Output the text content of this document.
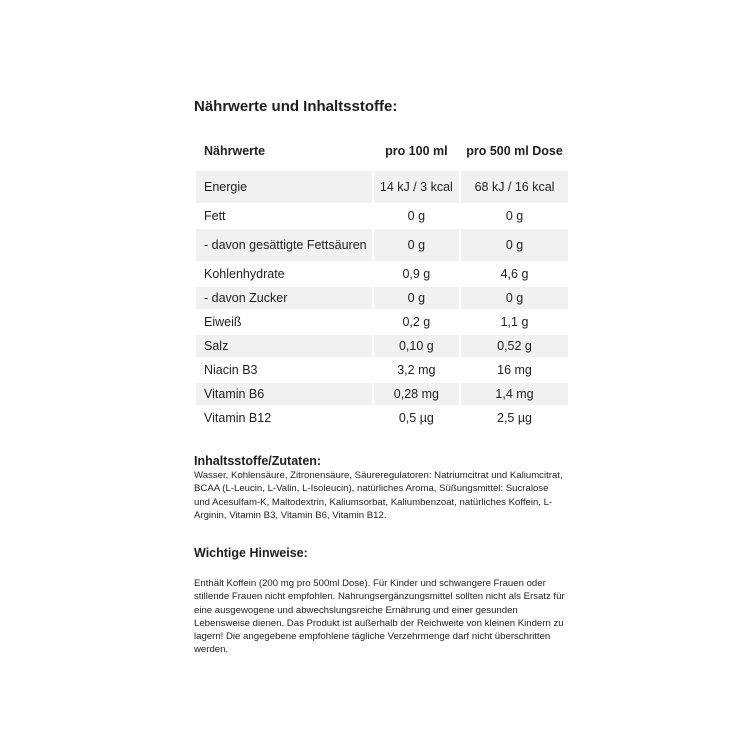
Nährwerte und Inhaltsstoffe:
Nährwerte	pro 100 ml	pro 500 ml Dose
Energie	14 kJ / 3 kcal	68 kJ / 16 kcal
Fett	0 g	0 g
- davon gesättigte Fettsäuren	0 g	0 g
Kohlenhydrate	0,9 g	4,6 g
- davon Zucker	0 g	0 g
Eiweiß	0,2 g	1,1 g
Salz	0,10 g	0,52 g
Niacin B3	3,2 mg	16 mg
Vitamin B6	0,28 mg	1,4 mg
Vitamin B12	0,5 µg	2,5 µg

Inhaltsstoffe/Zutaten:

Wasser, Kohlensäure, Zitronensäure, Säureregulatoren: Natriumcitrat und Kaliumcitrat, BCAA (L-Leucin, L-Valin, L-Isoleucin), natürliches Aroma, Süßungsmittel: Sucralose und Acesulfam-K, Maltodextrin, Kaliumsorbat, Kaliumbenzoat, natürliches Koffein, L-Arginin, Vitamin B3, Vitamin B6, Vitamin B12.

Wichtige Hinweise:

Enthält Koffein (200 mg pro 500ml Dose). Für Kinder und schwangere Frauen oder stillende Frauen nicht empfohlen. Nahrungsergänzungsmittel sollten nicht als Ersatz für eine ausgewogene und abwechslungsreiche Ernährung und einer gesunden Lebensweise dienen. Das Produkt ist außerhalb der Reichweite von kleinen Kindern zu lagern! Die angegebene empfohlene tägliche Verzehrmenge darf nicht überschritten werden.
